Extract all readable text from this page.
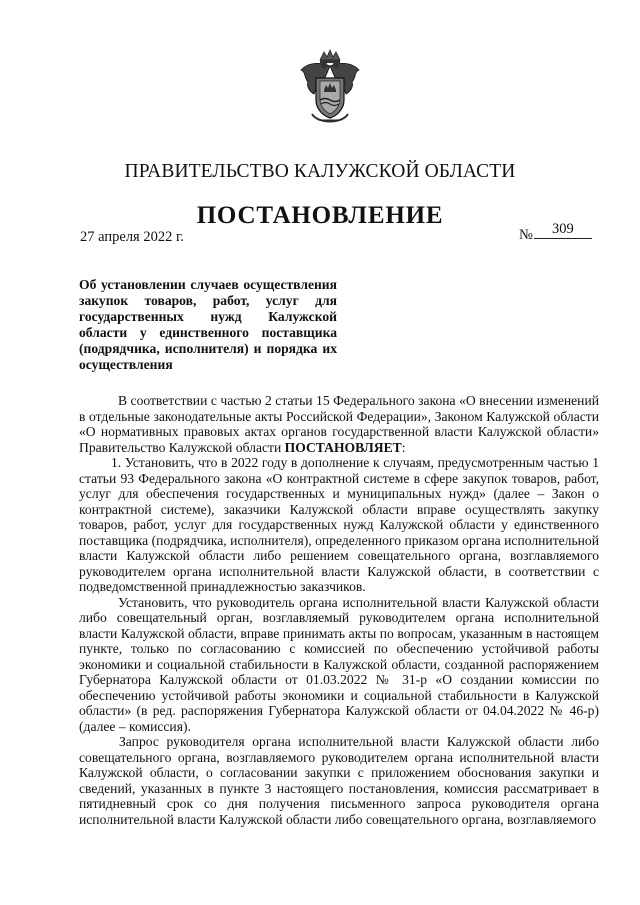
ПРАВИТЕЛЬСТВО КАЛУЖСКОЙ ОБЛАСТИ
ПОСТАНОВЛЕНИЕ
27 апреля 2022 г.	№ 309
Об установлении случаев осуществления
закупок товаров, работ, услуг для
государственных нужд Калужской
области у единственного поставщика
(подрядчика, исполнителя) и порядка их
осуществления

В соответствии с частью 2 статьи 15 Федерального закона «О внесении изменений в отдельные законодательные акты Российской Федерации», Законом Калужской области «О нормативных правовых актах органов государственной власти Калужской области» Правительство Калужской области ПОСТАНОВЛЯЕТ:

1. Установить, что в 2022 году в дополнение к случаям, предусмотренным частью 1 статьи 93 Федерального закона «О контрактной системе в сфере закупок товаров, работ, услуг для обеспечения государственных и муниципальных нужд» (далее – Закон о контрактной системе), заказчики Калужской области вправе осуществлять закупку товаров, работ, услуг для государственных нужд Калужской области у единственного поставщика (подрядчика, исполнителя), определенного приказом органа исполнительной власти Калужской области либо решением совещательного органа, возглавляемого руководителем органа исполнительной власти Калужской области, в соответствии с подведомственной принадлежностью заказчиков.

Установить, что руководитель органа исполнительной власти Калужской области либо совещательный орган, возглавляемый руководителем органа исполнительной власти Калужской области, вправе принимать акты по вопросам, указанным в настоящем пункте, только по согласованию с комиссией по обеспечению устойчивой работы экономики и социальной стабильности в Калужской области, созданной распоряжением Губернатора Калужской области от 01.03.2022 № 31-р «О создании комиссии по обеспечению устойчивой работы экономики и социальной стабильности в Калужской области» (в ред. распоряжения Губернатора Калужской области от 04.04.2022 № 46-р) (далее – комиссия).

Запрос руководителя органа исполнительной власти Калужской области либо совещательного органа, возглавляемого руководителем органа исполнительной власти Калужской области, о согласовании закупки с приложением обоснования закупки и сведений, указанных в пункте 3 настоящего постановления, комиссия рассматривает в пятидневный срок со дня получения письменного запроса руководителя органа исполнительной власти Калужской области либо совещательного органа, возглавляемого
